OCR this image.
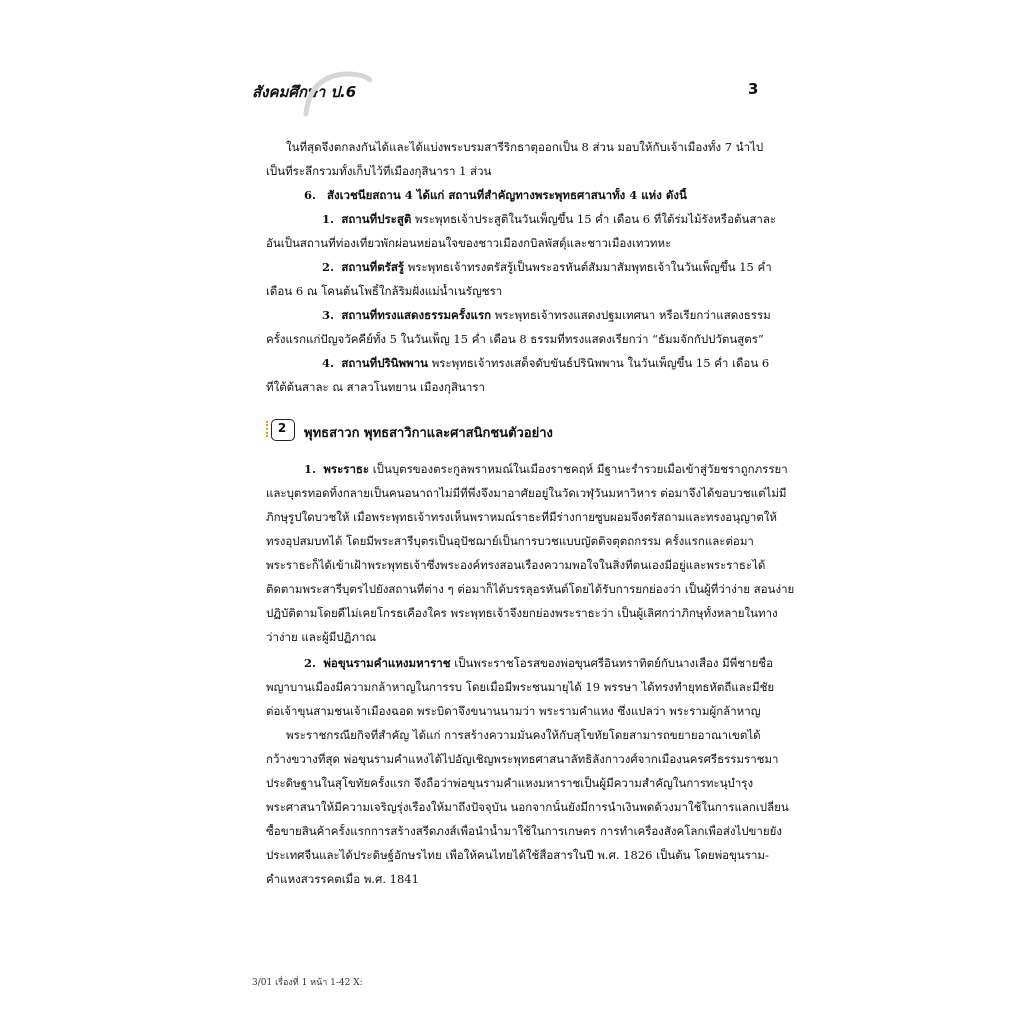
สังคมศึกษา ป.6	3
ในที่สุดจึงตกลงกันได้และได้แบ่งพระบรมสารีริกธาตุออกเป็น 8 ส่วน มอบให้กับเจ้าเมืองทั้ง 7 นำไป
เป็นที่ระลึกรวมทั้งเก็บไว้ที่เมืองกุสินารา 1 ส่วน
6. สังเวชนียสถาน 4 ได้แก่ สถานที่สำคัญทางพระพุทธศาสนาทั้ง 4 แห่ง ดังนี้
1. สถานที่ประสูติ พระพุทธเจ้าประสูติในวันเพ็ญขึ้น 15 ค่ำ เดือน 6 ที่ใต้ร่มไม้รังหรือต้นสาละ
อันเป็นสถานที่ท่องเที่ยวพักผ่อนหย่อนใจของชาวเมืองกบิลพัสดุ์และชาวเมืองเทวทหะ
2. สถานที่ตรัสรู้ พระพุทธเจ้าทรงตรัสรู้เป็นพระอรหันต์สัมมาสัมพุทธเจ้าในวันเพ็ญขึ้น 15 ค่ำ
เดือน 6 ณ โคนต้นโพธิ์ใกล้ริมฝั่งแม่น้ำเนรัญชรา
3. สถานที่ทรงแสดงธรรมครั้งแรก พระพุทธเจ้าทรงแสดงปฐมเทศนา หรือเรียกว่าแสดงธรรม
ครั้งแรกแก่ปัญจวัคคีย์ทั้ง 5 ในวันเพ็ญ 15 ค่ำ เดือน 8 ธรรมที่ทรงแสดงเรียกว่า “ธัมมจักกัปปวัตนสูตร”
4. สถานที่ปรินิพพาน พระพุทธเจ้าทรงเสด็จดับขันธ์ปรินิพพาน ในวันเพ็ญขึ้น 15 ค่ำ เดือน 6
ที่ใต้ต้นสาละ ณ สาลวโนทยาน เมืองกุสินารา
2	พุทธสาวก พุทธสาวิกาและศาสนิกชนตัวอย่าง
1. พระราธะ เป็นบุตรของตระกูลพราหมณ์ในเมืองราชคฤห์ มีฐานะร่ำรวยเมื่อเข้าสู่วัยชราถูกภรรยา
และบุตรทอดทิ้งกลายเป็นคนอนาถาไม่มีที่พึ่งจึงมาอาศัยอยู่ในวัดเวฬุวันมหาวิหาร ต่อมาจึงได้ขอบวชแต่ไม่มี
ภิกษุรูปใดบวชให้ เมื่อพระพุทธเจ้าทรงเห็นพราหมณ์ราธะที่มีร่างกายซูบผอมจึงตรัสถามและทรงอนุญาตให้
ทรงอุปสมบทได้ โดยมีพระสารีบุตรเป็นอุปัชฌาย์เป็นการบวชแบบญัตติจตุตถกรรม ครั้งแรกและต่อมา
พระราธะก็ได้เข้าเฝ้าพระพุทธเจ้าซึ่งพระองค์ทรงสอนเรื่องความพอใจในสิ่งที่ตนเองมีอยู่และพระราธะได้
ติดตามพระสารีบุตรไปยังสถานที่ต่าง ๆ ต่อมาก็ได้บรรลุอรหันต์โดยได้รับการยกย่องว่า เป็นผู้ที่ว่าง่าย สอนง่าย
ปฏิบัติตามโดยดีไม่เคยโกรธเคืองใคร พระพุทธเจ้าจึงยกย่องพระราธะว่า เป็นผู้เลิศกว่าภิกษุทั้งหลายในทาง
ว่าง่าย และผู้มีปฏิภาณ
2. พ่อขุนรามคำแหงมหาราช เป็นพระราชโอรสของพ่อขุนศรีอินทราทิตย์กับนางเสือง มีพี่ชายชื่อ
พญาบานเมืองมีความกล้าหาญในการรบ โดยเมื่อมีพระชนมายุได้ 19 พรรษา ได้ทรงทำยุทธหัตถีและมีชัย
ต่อเจ้าขุนสามชนเจ้าเมืองฉอด พระบิดาจึงขนานนามว่า พระรามคำแหง ซึ่งแปลว่า พระรามผู้กล้าหาญ
พระราชกรณียกิจที่สำคัญ ได้แก่ การสร้างความมั่นคงให้กับสุโขทัยโดยสามารถขยายอาณาเขตได้
กว้างขวางที่สุด พ่อขุนรามคำแหงได้ไปอัญเชิญพระพุทธศาสนาลัทธิลังกาวงศ์จากเมืองนครศรีธรรมราชมา
ประดิษฐานในสุโขทัยครั้งแรก จึงถือว่าพ่อขุนรามคำแหงมหาราชเป็นผู้มีความสำคัญในการทะนุบำรุง
พระศาสนาให้มีความเจริญรุ่งเรืองให้มาถึงปัจจุบัน นอกจากนั้นยังมีการนำเงินพดด้วงมาใช้ในการแลกเปลี่ยน
ซื้อขายสินค้าครั้งแรกการสร้างสรีดภงส์เพื่อนำน้ำมาใช้ในการเกษตร การทำเครื่องสังคโลกเพื่อส่งไปขายยัง
ประเทศจีนและได้ประดิษฐ์อักษรไทย เพื่อให้คนไทยได้ใช้สื่อสารในปี พ.ศ. 1826 เป็นต้น โดยพ่อขุนราม-
คำแหงสวรรคตเมื่อ พ.ศ. 1841
3/01 เรื่องที่ 1 หน้า 1-42 X:
